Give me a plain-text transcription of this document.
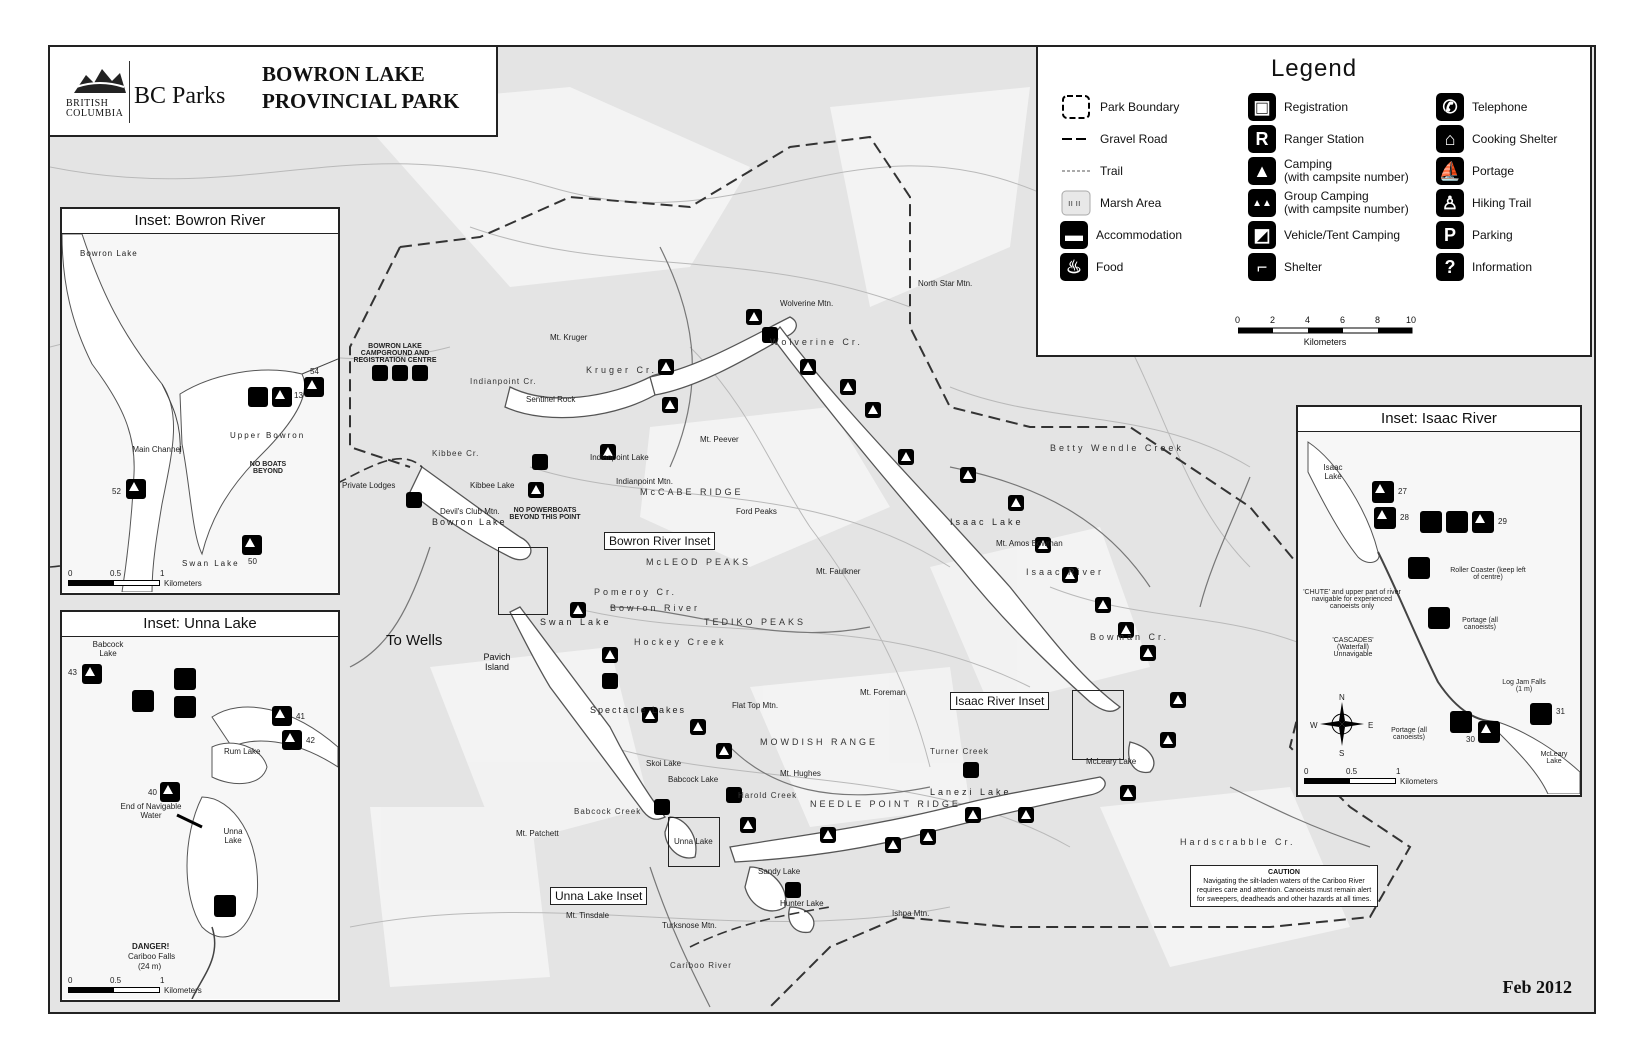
BOWRON LAKE CAMPGROUND AND REGISTRATION CENTRE
Private Lodges
NO POWERBOATS BEYOND THIS POINT
Pavich Island
Mt. Kruger
Sentinel Rock
Wolverine Mtn.
North Star Mtn.
Mt. Peever
Indianpoint Mtn.
Devil's Club Mtn.	Ford Peaks
Mt. Faulkner
Mt. Amos Bowman
Flat Top Mtn.
Mt. Foreman
Mt. Hughes
Mt. Patchett
Mt. Tinsdale
Turksnose Mtn.
Ishpa Mtn.
Bowron Lake
Kibbee Lake
Indianpoint Lake
Swan Lake
Spectacle Lakes
Skoi Lake
Babcock Lake
Unna Lake
Sandy Lake
Hunter Lake
Lanezi Lake
Isaac Lake
McLeary Lake
McCABE RIDGE
McLEOD PEAKS
TEDIKO PEAKS
MOWDISH RANGE
NEEDLE POINT RIDGE
Bowron River
Isaac River
Wolverine Cr.
Betty Wendle Creek
Bowman Cr.
Kruger Cr.
Hardscrabble Cr.
Hockey Creek
Pomeroy Cr.
Babcock Creek
Harold Creek
Turner Creek
Cariboo River
Indianpoint Cr.
Kibbee Cr.
Bowron River Inset
Isaac River Inset
Unna Lake Inset
To Wells
CAUTION
Navigating the silt-laden waters of the Cariboo River requires care and attention. Canoeists must remain alert for sweepers, deadheads and other hazards at all times.
BRITISH
COLUMBIA
BC Parks
BOWRON LAKE
PROVINCIAL PARK
Legend
Park Boundary
Gravel Road
Trail
ıı ıı Marsh Area
▬	Accommodation
♨	Food
▣	Registration
R	Ranger Station
▲	Camping
(with campsite number)
▲▲	Group Camping
(with campsite number)
◩	Vehicle/Tent Camping
⌐	Shelter
✆	Telephone
⌂	Cooking Shelter
⛵ Portage
♙	Hiking Trail
P	Parking
?	Information
0	2	4	6	8	10
Kilometers
Inset: Bowron River
Main Channel
NO BOATS BEYOND
Swan Lake
Upper Bowron
Bowron Lake
54
13
52
50
0	0.5	1
Kilometers
Inset: Unna Lake
Babcock Lake
Rum Lake
Unna Lake
End of Navigable Water
DANGER!
Cariboo Falls
(24 m)
43
41
42
40
0	0.5	1
Kilometers
Inset: Isaac River
Isaac Lake
'CHUTE' and upper part of river navigable for experienced canoeists only
Roller Coaster (keep left of centre)
'CASCADES' (Waterfall) Unnavigable
Portage (all canoeists)
Log Jam Falls (1 m)
Portage (all canoeists)
McLeary Lake
N
S
E
W
27
28	29
30
31
0	0.5	1
Kilometers
Feb 2012
